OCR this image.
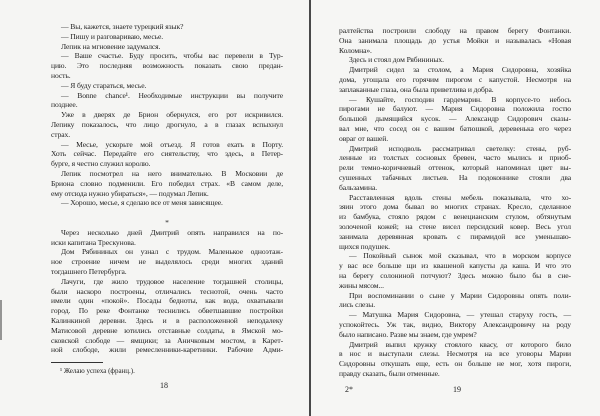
— Вы, кажется, знаете турецкий язык?
— Пишу и разговариваю, месье.
Лепик на мгновение задумался.
— Ваше счастье. Буду просить, чтобы вас перевели в Тур-
цию. Это последняя возможность показать свою предан-
ность.
— Я буду стараться, месье.
— Bonne chance¹. Необходимые инструкции вы получите
позднее.
Уже в дверях де Брион обернулся, его рот искривился.
Лепику показалось, что лицо дрогнуло, а в глазах вспыхнул
страх.
— Месье, ускорьте мой отъезд. Я готов ехать в Порту.
Хоть сейчас. Передайте его сиятельству, что здесь, в Петер-
бурге, я честно служил королю.
Лепик посмотрел на него внимательно. В Московии де
Бриона словно подменили. Его победил страх. «В самом деле,
ему отсюда нужно убираться», — подумал Лепик.
— Хорошо, месье, я сделаю все от меня зависящее.
*
Через несколько дней Дмитрий опять направился на по-
иски капитана Трескунова.
Дом Рябининых он узнал с трудом. Маленькое одноэтаж-
ное строение ничем не выделялось среди многих зданий
тогдашнего Петербурга.
Лачуги, где жило трудовое население тогдашней столицы,
были наскоро построены, отличались теснотой, очень часто
имели один «покой». Посады бедноты, как вода, охватывали
город. По реке Фонтанке теснились обветшавшие постройки
Калинкиной деревни. Здесь и в расположенной неподалеку
Матисовой деревне ютились отставные солдаты, в Ямской мо-
сковской слободе — ямщики; за Аничковым мостом, в Карет-
ной слободе, жили ремесленники-каретники. Рабочие Адми-
¹ Желаю успеха (франц.).
18
ралтейства построили слободу на правом берегу Фонтанки.
Она занимала площадь до устья Мойки и называлась «Новая
Коломна».
Здесь и стоял дом Рябининых.
Дмитрий сидел за столом, а Мария Сидоровна, хозяйка
дома, угощала его горячим пирогом с капустой. Несмотря на
заплаканные глаза, она была приветлива и добра.
— Кушайте, господин гардемарин. В корпусе-то небось
пирогами не балуют. — Мария Сидоровна положила гостю
большой дымящийся кусок. — Александр Сидорович сказы-
вал мне, что сосед он с вашим батюшкой, деревенька его через
овраг от вашей.
Дмитрий исподволь рассматривал светелку: стены, руб-
ленные из толстых сосновых бревен, часто мылись и приоб-
рели темно-коричневый оттенок, который напоминал цвет вы-
сушенных табачных листьев. На подоконнике стояли два
бальзамина.
Расставленная вдоль стены мебель показывала, что хо-
зяин этого дома бывал во многих странах. Кресло, сделанное
из бамбука, стояло рядом с венецианским стулом, обтянутым
золоченой кожей; на стене висел персидский ковер. Весь угол
занимала деревянная кровать с пирамидой все уменьшаю-
щихся подушек.
— Покойный сынок мой сказывал, что в морском корпусе
у вас все больше щи из квашеной капусты да каша. И что это
на берегу солониной потчуют? Здесь можно было бы в сне-
жины мясом...
При воспоминании о сыне у Марии Сидоровны опять поли-
лись слезы.
— Матушка Мария Сидоровна, — утешал старуху гость, —
успокойтесь. Уж так, видно, Виктору Александровичу на роду
было написано. Разве мы знаем, где умрем?
Дмитрий выпил кружку стоялого квасу, от которого било
в нос и выступали слезы. Несмотря на все уговоры Марии
Сидоровны откушать еще, есть он больше не мог, хотя пироги,
правду сказать, были отменные.
2*	19
